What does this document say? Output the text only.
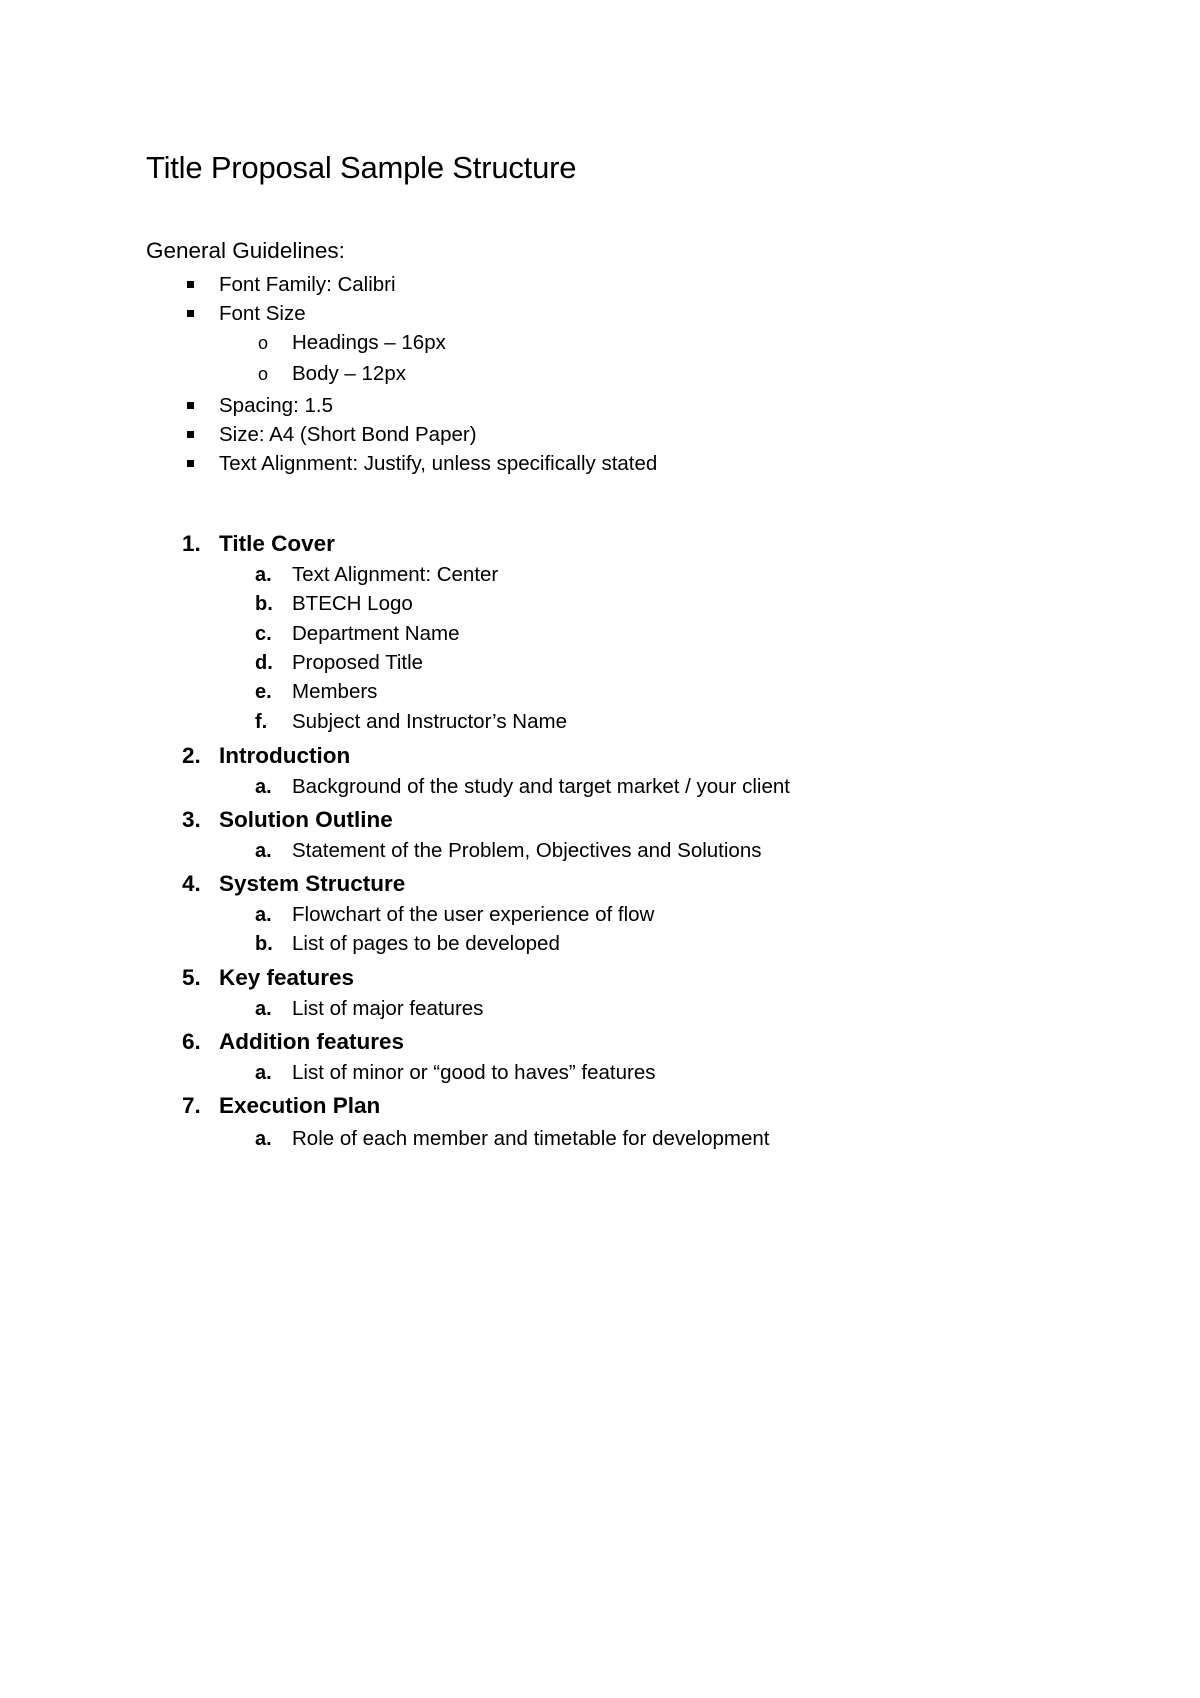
Title Proposal Sample Structure
General Guidelines:
Font Family: Calibri
Font Size
o Headings – 16px
o Body – 12px
Spacing: 1.5
Size: A4 (Short Bond Paper)
Text Alignment: Justify, unless specifically stated
1. Title Cover
a. Text Alignment: Center
b. BTECH Logo
c. Department Name
d. Proposed Title
e. Members
f. Subject and Instructor’s Name
2. Introduction
a. Background of the study and target market / your client
3. Solution Outline
a. Statement of the Problem, Objectives and Solutions
4. System Structure
a. Flowchart of the user experience of flow
b. List of pages to be developed
5. Key features
a. List of major features
6. Addition features
a. List of minor or “good to haves” features
7. Execution Plan
a. Role of each member and timetable for development
